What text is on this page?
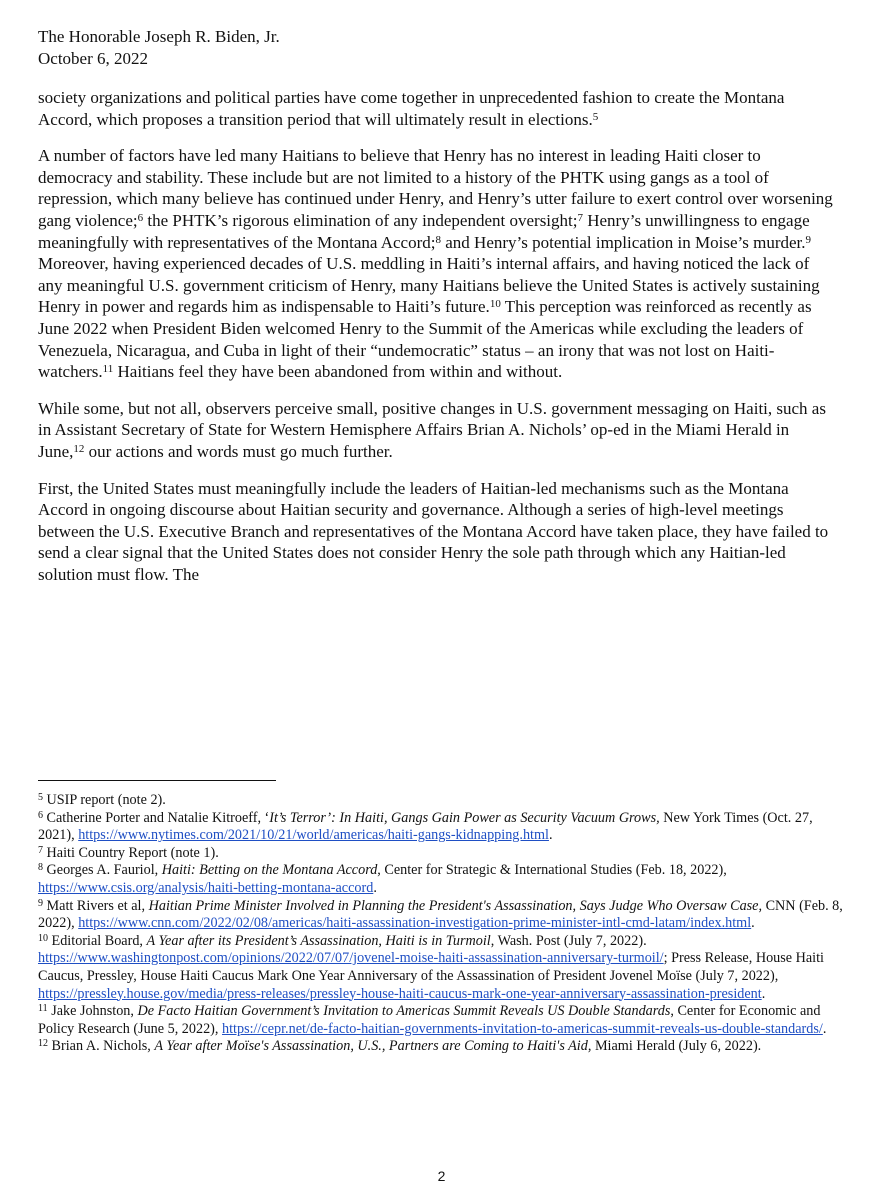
The Honorable Joseph R. Biden, Jr.
October 6, 2022

society organizations and political parties have come together in unprecedented fashion to create the Montana Accord, which proposes a transition period that will ultimately result in elections.$^5$

A number of factors have led many Haitians to believe that Henry has no interest in leading Haiti closer to democracy and stability. These include but are not limited to a history of the PHTK using gangs as a tool of repression, which many believe has continued under Henry, and Henry’s utter failure to exert control over worsening gang violence;$^6$ the PHTK’s rigorous elimination of any independent oversight;$^7$ Henry’s unwillingness to engage meaningfully with representatives of the Montana Accord;$^8$ and Henry’s potential implication in Moise’s murder.$^9$ Moreover, having experienced decades of U.S. meddling in Haiti’s internal affairs, and having noticed the lack of any meaningful U.S. government criticism of Henry, many Haitians believe the United States is actively sustaining Henry in power and regards him as indispensable to Haiti’s future.$^{10}$ This perception was reinforced as recently as June 2022 when President Biden welcomed Henry to the Summit of the Americas while excluding the leaders of Venezuela, Nicaragua, and Cuba in light of their “undemocratic” status – an irony that was not lost on Haiti-watchers.$^{11}$ Haitians feel they have been abandoned from within and without.

While some, but not all, observers perceive small, positive changes in U.S. government messaging on Haiti, such as in Assistant Secretary of State for Western Hemisphere Affairs Brian A. Nichols’ op-ed in the Miami Herald in June,$^{12}$ our actions and words must go much further.

First, the United States must meaningfully include the leaders of Haitian-led mechanisms such as the Montana Accord in ongoing discourse about Haitian security and governance. Although a series of high-level meetings between the U.S. Executive Branch and representatives of the Montana Accord have taken place, they have failed to send a clear signal that the United States does not consider Henry the sole path through which any Haitian-led solution must flow. The

$^5$ USIP report (note 2).

$^6$ Catherine Porter and Natalie Kitroeff, ‘It’s Terror’: In Haiti, Gangs Gain Power as Security Vacuum Grows, New York Times (Oct. 27, 2021), https://www.nytimes.com/2021/10/21/world/americas/haiti-gangs-kidnapping.html.

$^7$ Haiti Country Report (note 1).

$^8$ Georges A. Fauriol, Haiti: Betting on the Montana Accord, Center for Strategic & International Studies (Feb. 18, 2022), https://www.csis.org/analysis/haiti-betting-montana-accord.

$^9$ Matt Rivers et al, Haitian Prime Minister Involved in Planning the President's Assassination, Says Judge Who Oversaw Case, CNN (Feb. 8, 2022), https://www.cnn.com/2022/02/08/americas/haiti-assassination-investigation-prime-minister-intl-cmd-latam/index.html.

$^{10}$ Editorial Board, A Year after its President’s Assassination, Haiti is in Turmoil, Wash. Post (July 7, 2022). https://www.washingtonpost.com/opinions/2022/07/07/jovenel-moise-haiti-assassination-anniversary-turmoil/; Press Release, House Haiti Caucus, Pressley, House Haiti Caucus Mark One Year Anniversary of the Assassination of President Jovenel Moïse (July 7, 2022), https://pressley.house.gov/media/press-releases/pressley-house-haiti-caucus-mark-one-year-anniversary-assassination-president.

$^{11}$ Jake Johnston, De Facto Haitian Government’s Invitation to Americas Summit Reveals US Double Standards, Center for Economic and Policy Research (June 5, 2022), https://cepr.net/de-facto-haitian-governments-invitation-to-americas-summit-reveals-us-double-standards/.

$^{12}$ Brian A. Nichols, A Year after Moïse's Assassination, U.S., Partners are Coming to Haiti's Aid, Miami Herald (July 6, 2022).

2
